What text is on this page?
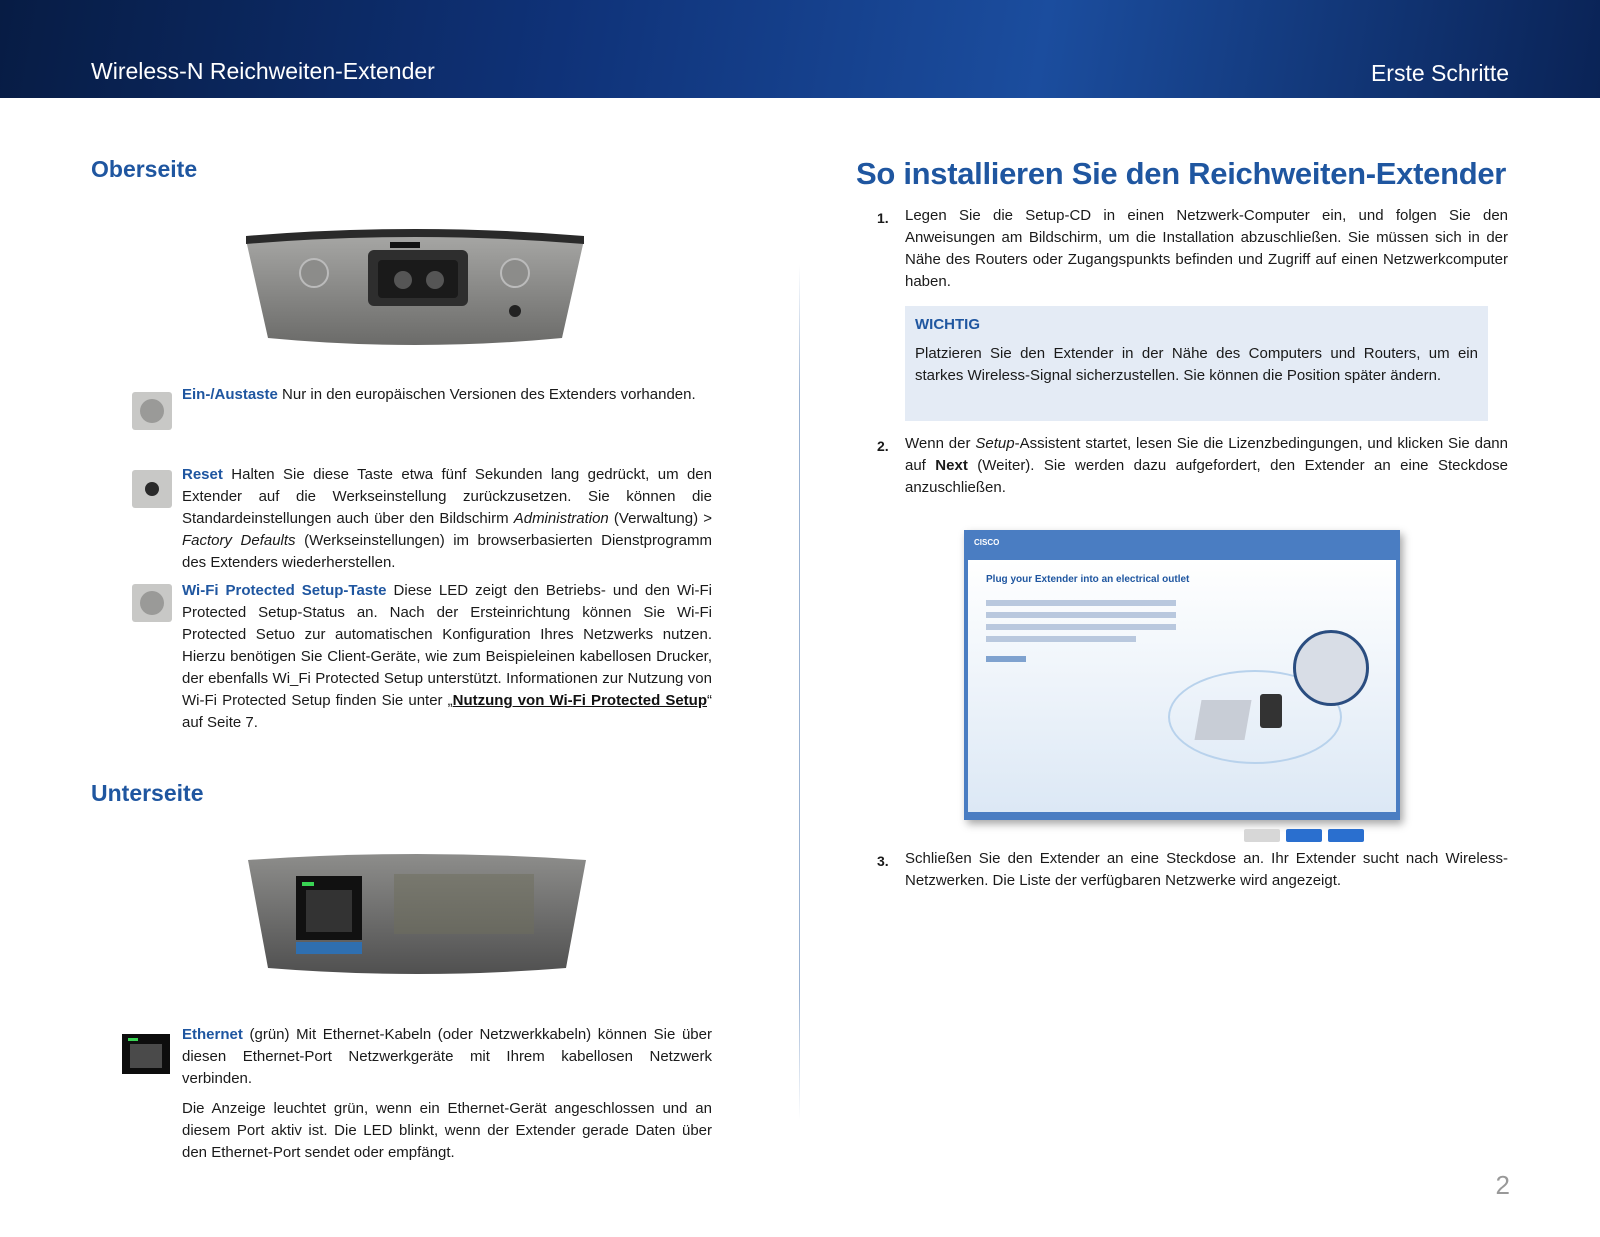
Wireless-N Reichweiten-Extender	Erste Schritte
Oberseite
Ein-/Austaste Nur in den europäischen Versionen des Extenders vorhanden.
Reset Halten Sie diese Taste etwa fünf Sekunden lang gedrückt, um den Extender auf die Werkseinstellung zurückzusetzen. Sie können die Standardeinstellungen auch über den Bildschirm Administration (Verwaltung) > Factory Defaults (Werkseinstellungen) im browserbasierten Dienstprogramm des Extenders wiederherstellen.
Wi-Fi Protected Setup-Taste Diese LED zeigt den Betriebs- und den Wi-Fi Protected Setup-Status an. Nach der Ersteinrichtung können Sie Wi-Fi Protected Setuo zur automatischen Konfiguration Ihres Netzwerks nutzen. Hierzu benötigen Sie Client-Geräte, wie zum Beispieleinen kabellosen Drucker, der ebenfalls Wi_Fi Protected Setup unterstützt. Informationen zur Nutzung von Wi-Fi Protected Setup finden Sie unter „Nutzung von Wi-Fi Protected Setup“ auf Seite 7.
Unterseite
Ethernet (grün) Mit Ethernet-Kabeln (oder Netzwerkkabeln) können Sie über diesen Ethernet-Port Netzwerkgeräte mit Ihrem kabellosen Netzwerk verbinden.
Die Anzeige leuchtet grün, wenn ein Ethernet-Gerät angeschlossen und an diesem Port aktiv ist. Die LED blinkt, wenn der Extender gerade Daten über den Ethernet-Port sendet oder empfängt.
So installieren Sie den Reichweiten-Extender
1. Legen Sie die Setup-CD in einen Netzwerk-Computer ein, und folgen Sie den Anweisungen am Bildschirm, um die Installation abzuschließen. Sie müssen sich in der Nähe des Routers oder Zugangspunkts befinden und Zugriff auf einen Netzwerkcomputer haben.
WICHTIG
Platzieren Sie den Extender in der Nähe des Computers und Routers, um ein starkes Wireless-Signal sicherzustellen. Sie können die Position später ändern.
2. Wenn der Setup-Assistent startet, lesen Sie die Lizenzbedingungen, und klicken Sie dann auf Next (Weiter). Sie werden dazu aufgefordert, den Extender an eine Steckdose anzuschließen.
CISCO
Plug your Extender into an electrical outlet
3. Schließen Sie den Extender an eine Steckdose an. Ihr Extender sucht nach Wireless-Netzwerken. Die Liste der verfügbaren Netzwerke wird angezeigt.
2
